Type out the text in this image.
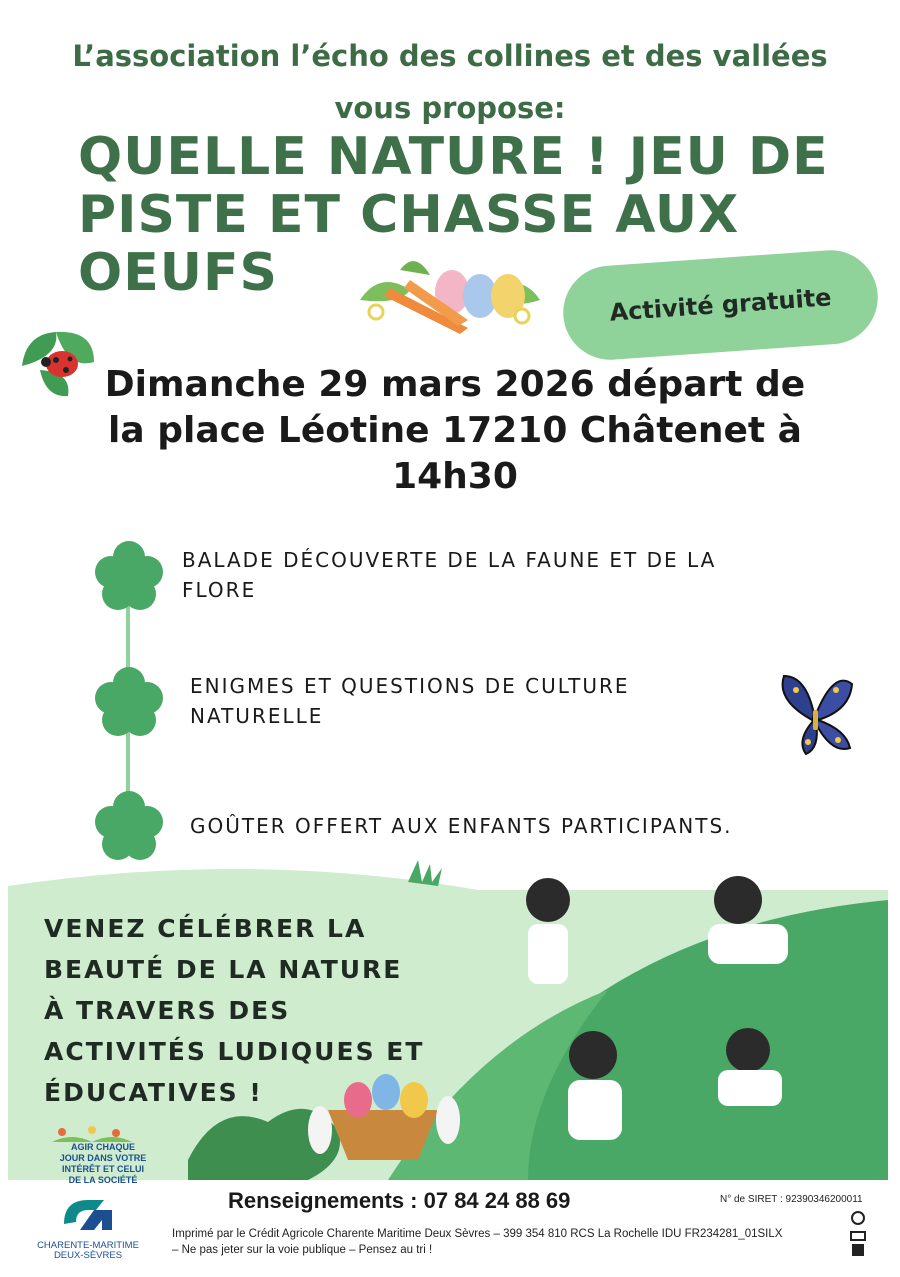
L’association l’écho des collines et des vallées
vous propose:
QUELLE NATURE ! JEU DE
PISTE ET CHASSE AUX
OEUFS
Activité gratuite
Dimanche 29 mars 2026 départ de
la place Léotine 17210 Châtenet à
14h30
BALADE DÉCOUVERTE DE LA FAUNE ET DE LA
FLORE
ENIGMES ET QUESTIONS DE CULTURE
NATURELLE
GOÛTER OFFERT AUX ENFANTS PARTICIPANTS.
VENEZ CÉLÉBRER LA
BEAUTÉ DE LA NATURE
À TRAVERS DES
ACTIVITÉS LUDIQUES ET
ÉDUCATIVES !
AGIR CHAQUE
JOUR DANS VOTRE
INTÉRÊT ET CELUI
DE LA SOCIÉTÉ
CHARENTE-MARITIME
DEUX-SÈVRES
Renseignements : 07 84 24 88 69	N° de SIRET : 92390346200011
Imprimé par le Crédit Agricole Charente Maritime Deux Sèvres – 399 354 810 RCS La Rochelle IDU FR234281_01SILX
– Ne pas jeter sur la voie publique – Pensez au tri !
